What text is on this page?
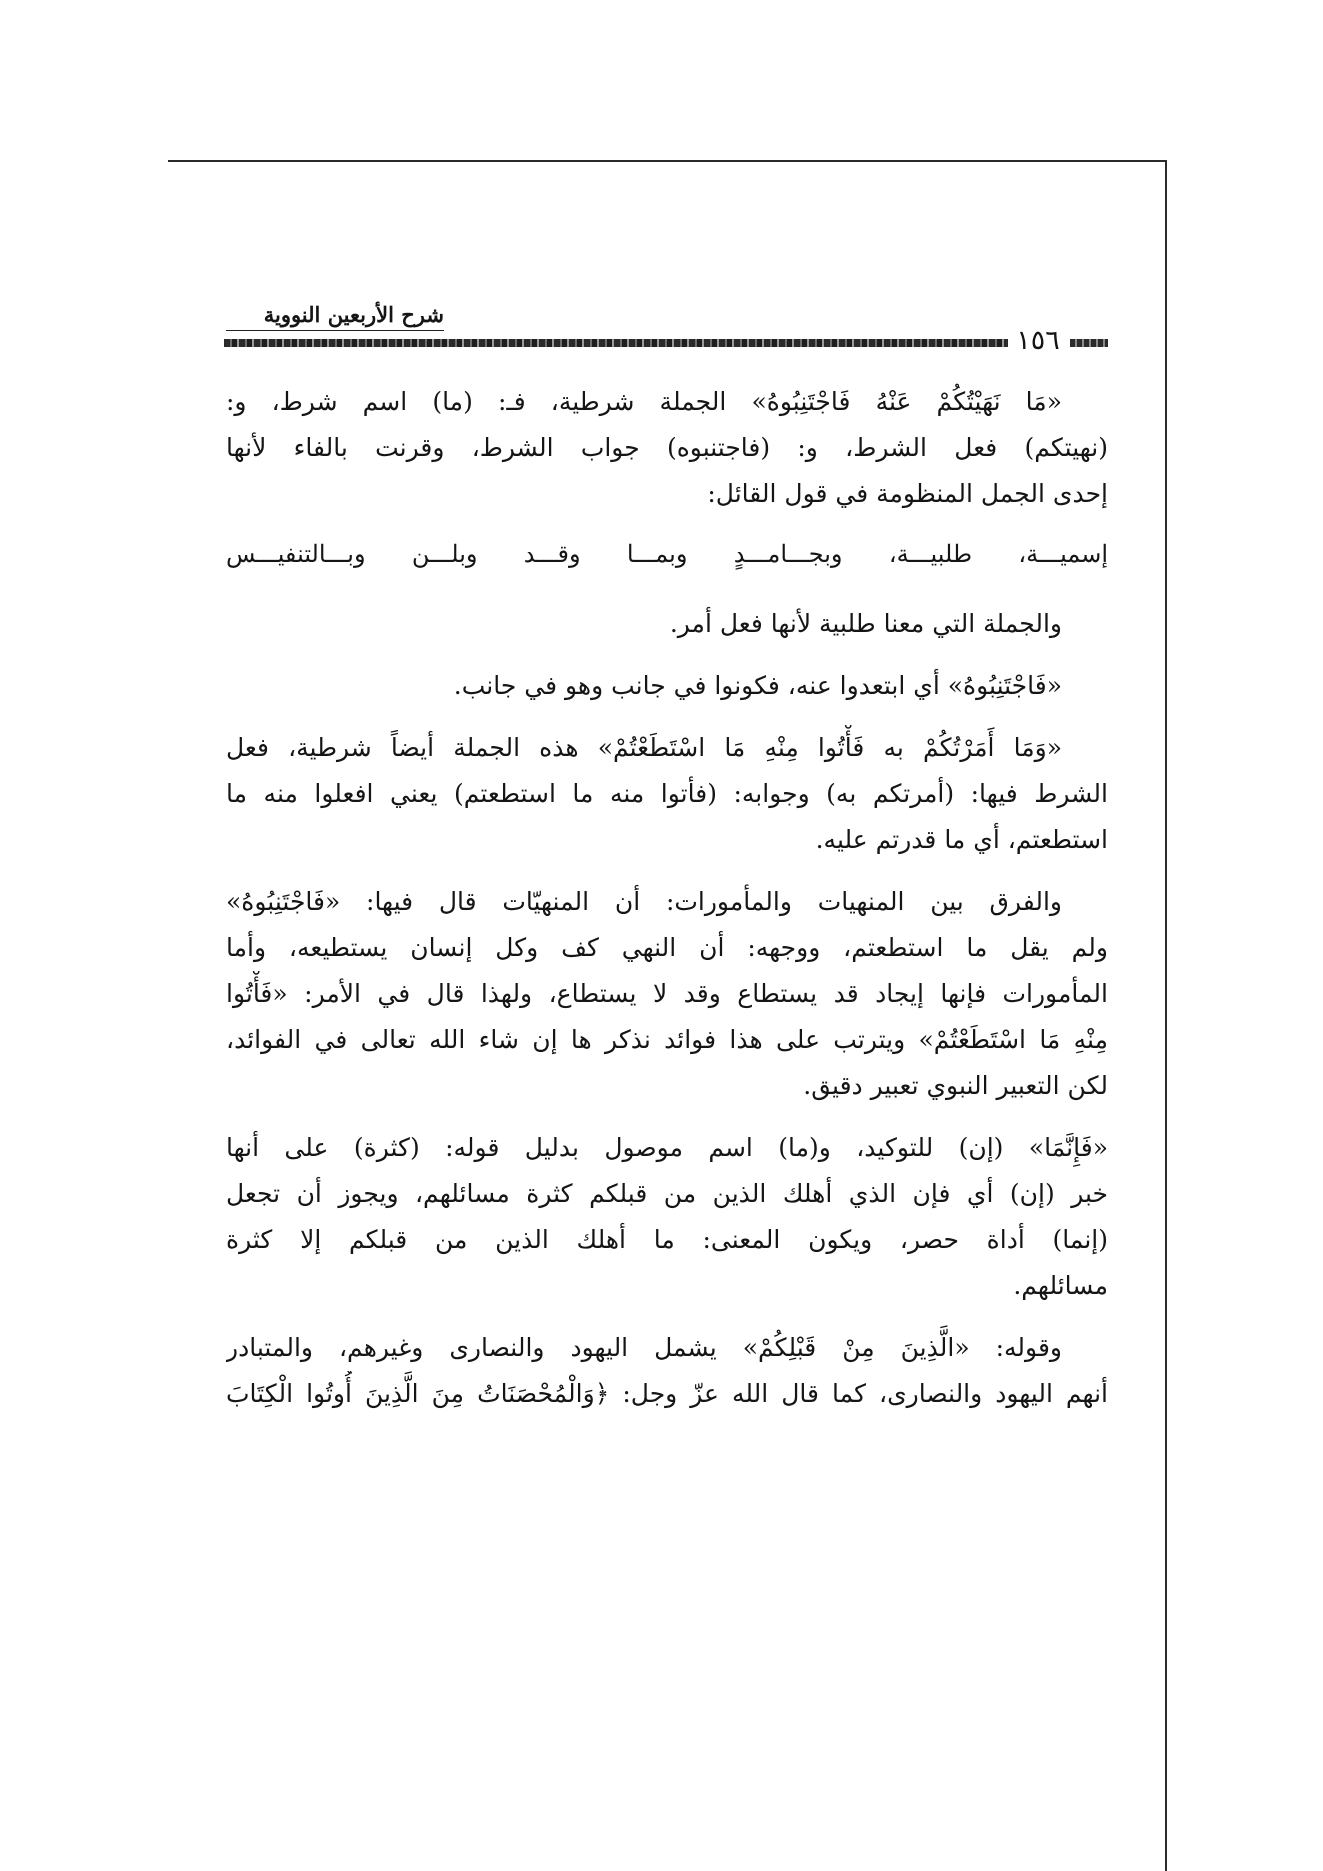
شرح الأربعين النووية
١٥٦
«مَا نَهَيْتُكُمْ عَنْهُ فَاجْتَنِبُوهُ» الجملة شرطية، فـ: (ما) اسم شرط، و:
(نهيتكم) فعل الشرط، و: (فاجتنبوه) جواب الشرط، وقرنت بالفاء لأنها
إحدى الجمل المنظومة في قول القائل:
إسميـــة، طلبيـــة، وبجـــامـــدٍ وبمـــا وقـــد وبلـــن وبـــالتنفيـــس
والجملة التي معنا طلبية لأنها فعل أمر.
«فَاجْتَنِبُوهُ» أي ابتعدوا عنه، فكونوا في جانب وهو في جانب.
«وَمَا أَمَرْتُكُمْ به فَأْتُوا مِنْهِ مَا اسْتَطَعْتُمْ» هذه الجملة أيضاً شرطية، فعل
الشرط فيها: (أمرتكم به) وجوابه: (فأتوا منه ما استطعتم) يعني افعلوا منه ما
استطعتم، أي ما قدرتم عليه.
والفرق بين المنهيات والمأمورات: أن المنهيّات قال فيها: «فَاجْتَنِبُوهُ»
ولم يقل ما استطعتم، ووجهه: أن النهي كف وكل إنسان يستطيعه، وأما
المأمورات فإنها إيجاد قد يستطاع وقد لا يستطاع، ولهذا قال في الأمر: «فَأْتُوا
مِنْهِ مَا اسْتَطَعْتُمْ» ويترتب على هذا فوائد نذكر ها إن شاء الله تعالى في الفوائد،
لكن التعبير النبوي تعبير دقيق.
«فَإِنَّمَا» (إن) للتوكيد، و(ما) اسم موصول بدليل قوله: (كثرة) على أنها
خبر (إن) أي فإن الذي أهلك الذين من قبلكم كثرة مسائلهم، ويجوز أن تجعل
(إنما) أداة حصر، ويكون المعنى: ما أهلك الذين من قبلكم إلا كثرة
مسائلهم.
وقوله: «الَّذِينَ مِنْ قَبْلِكُمْ» يشمل اليهود والنصارى وغيرهم، والمتبادر
أنهم اليهود والنصارى، كما قال الله عزّ وجل: ﴿وَالْمُحْصَنَاتُ مِنَ الَّذِينَ أُوتُوا الْكِتَابَ
